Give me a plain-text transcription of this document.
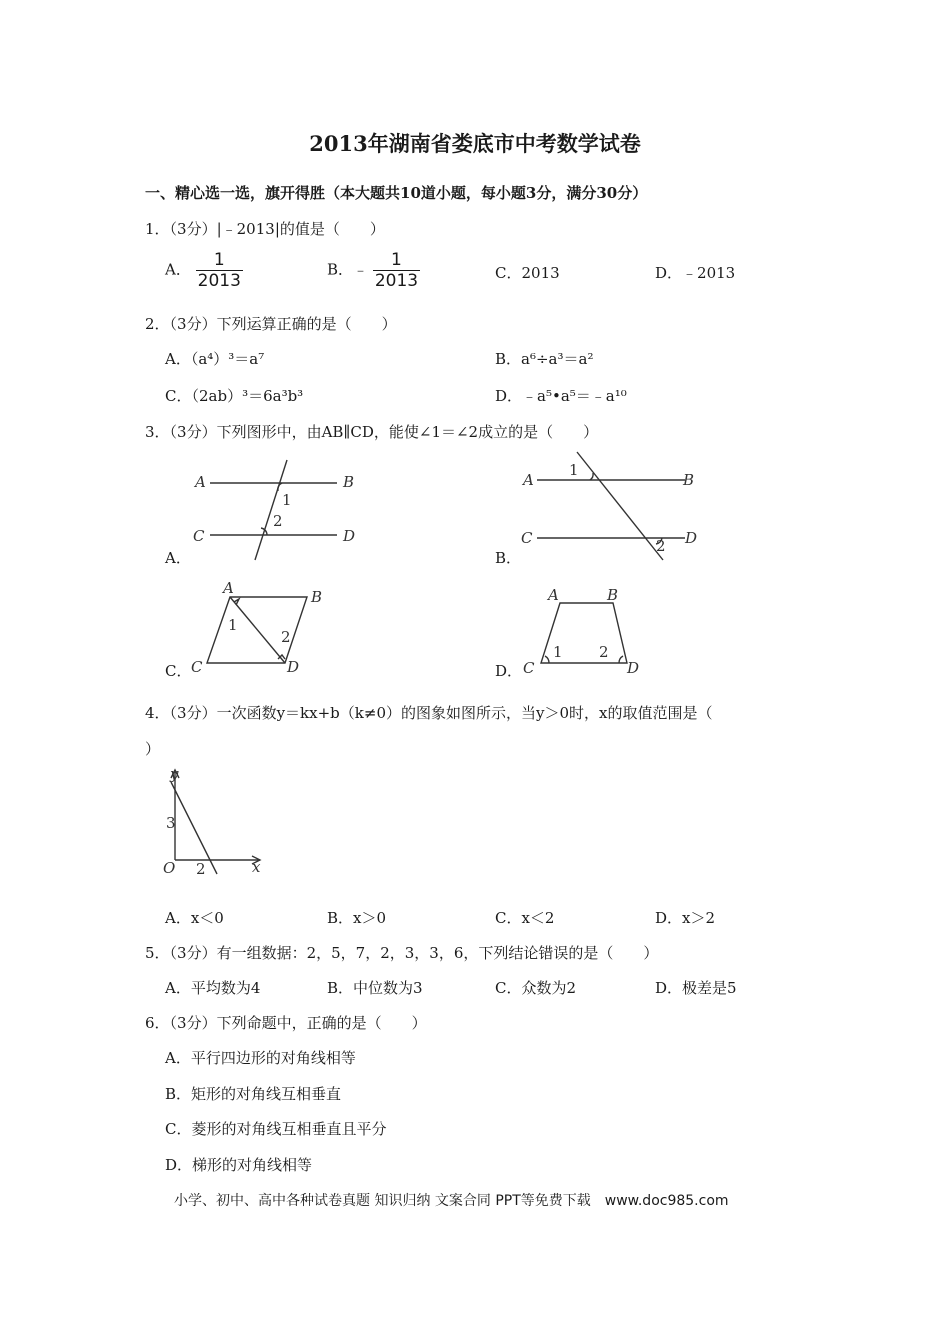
2013年湖南省娄底市中考数学试卷
一、精心选一选，旗开得胜（本大题共10道小题，每小题3分，满分30分）
1．（3分）|﹣2013|的值是（　　）
A． $\frac{1}{2013}$	B．﹣ $\frac{1}{2013}$	C．2013	D．﹣2013
2．（3分）下列运算正确的是（　　）
A．（a⁴）³＝a⁷	B．a⁶÷a³＝a²
C．（2ab）³＝6a³b³	D．﹣a⁵•a⁵＝﹣a¹⁰
3．（3分）下列图形中，由AB∥CD，能使∠1＝∠2成立的是（　　）
A	B
C	D
1
2
A．
A	B
C	D
1
2
B．
A	B
C	D
1
2
C．
A	B
C	D
1 2
D．
4．（3分）一次函数y＝kx+b（k≠0）的图象如图所示，当y＞0时，x的取值范围是（
）
y
x
O
3
2
A．x＜0	B．x＞0	C．x＜2	D．x＞2
5．（3分）有一组数据：2，5，7，2，3，3，6，下列结论错误的是（　　）
A．平均数为4	B．中位数为3	C．众数为2	D．极差是5
6．（3分）下列命题中，正确的是（　　）
A．平行四边形的对角线相等
B．矩形的对角线互相垂直
C．菱形的对角线互相垂直且平分
D．梯形的对角线相等
小学、初中、高中各种试卷真题 知识归纳 文案合同 PPT等免费下载　www.doc985.com
